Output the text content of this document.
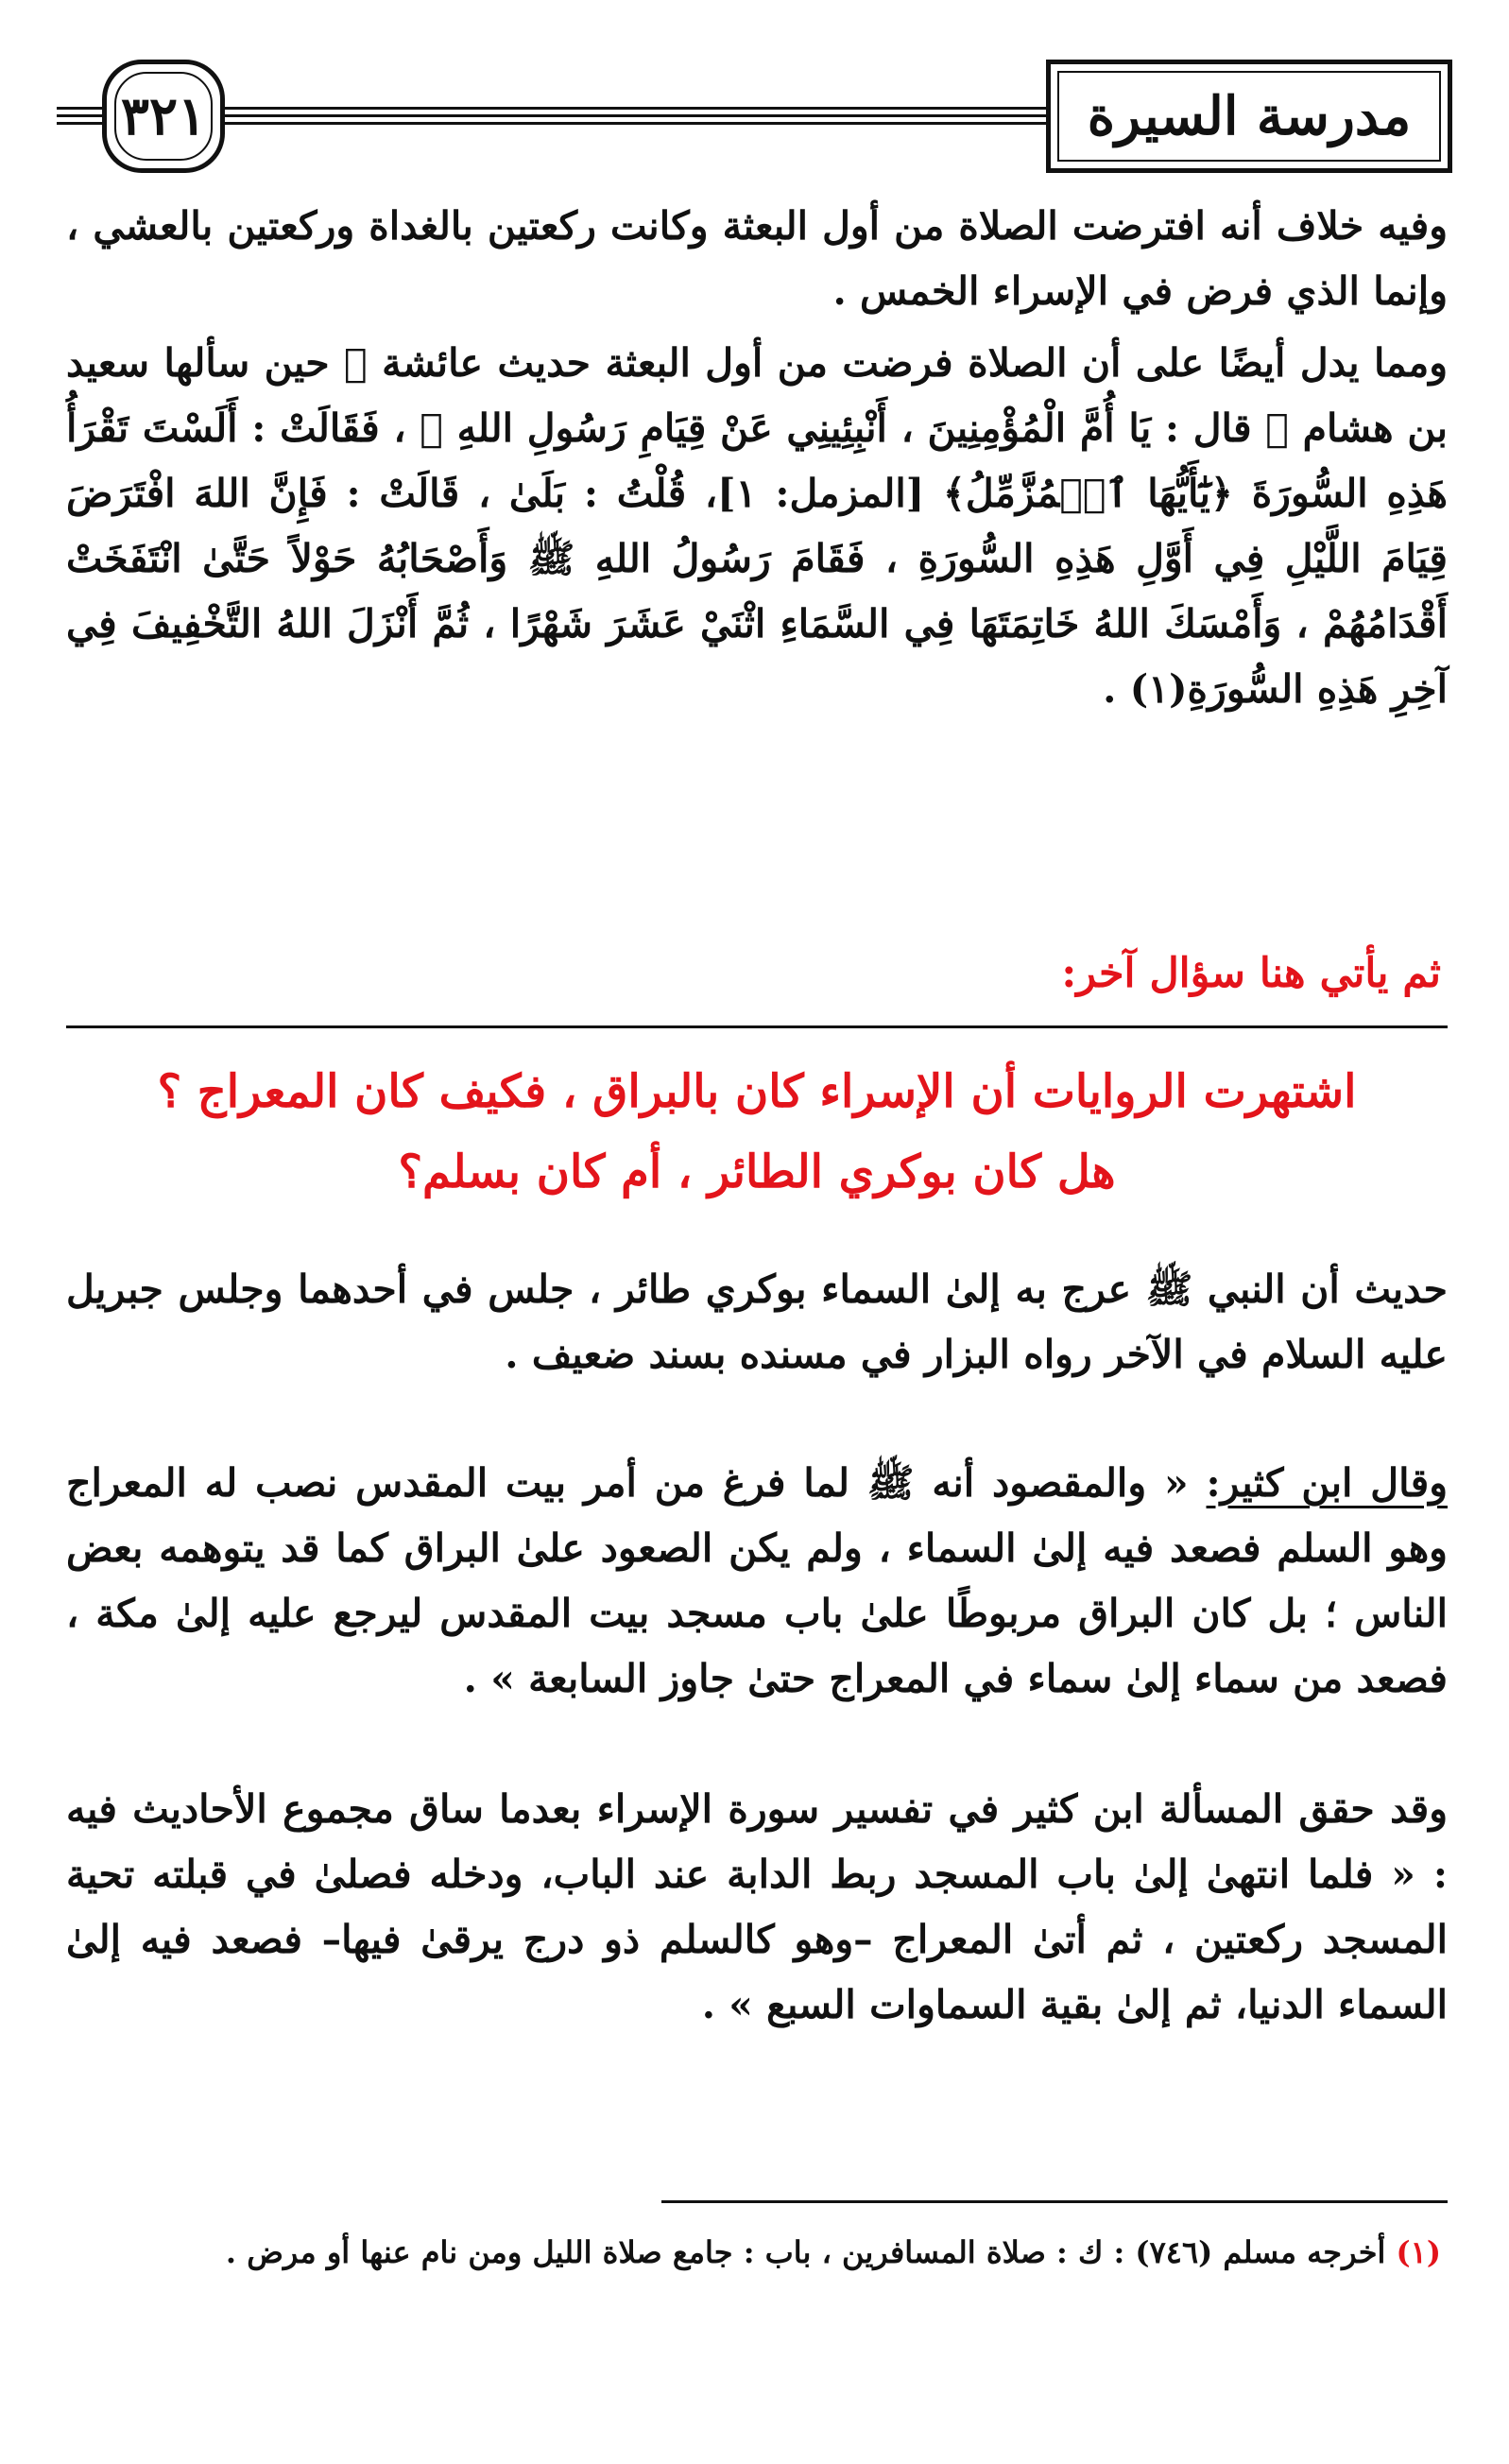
٣٢١	مدرسة السيرة
وفيه خلاف أنه افترضت الصلاة من أول البعثة وكانت ركعتين بالغداة وركعتين بالعشي ، وإنما الذي فرض في الإسراء الخمس .
ومما يدل أيضًا على أن الصلاة فرضت من أول البعثة حديث عائشة ﵂ حين سألها سعيد بن هشام ﵁ قال : يَا أُمَّ الْمُؤْمِنِينَ ، أَنْبِئِينِي عَنْ قِيَامِ رَسُولِ اللهِ ﷺ ، فَقَالَتْ : أَلَسْتَ تَقْرَأُ هَذِهِ السُّورَةَ ﴿يَٰٓأَيُّهَا ٱلۡمُزَّمِّلُ﴾ [المزمل: ١]، قُلْتُ : بَلَىٰ ، قَالَتْ : فَإِنَّ اللهَ افْتَرَضَ قِيَامَ اللَّيْلِ فِي أَوَّلِ هَذِهِ السُّورَةِ ، فَقَامَ رَسُولُ اللهِ ﷺ وَأَصْحَابُهُ حَوْلاً حَتَّىٰ انْتَفَخَتْ أَقْدَامُهُمْ ، وَأَمْسَكَ اللهُ خَاتِمَتَهَا فِي السَّمَاءِ اثْنَيْ عَشَرَ شَهْرًا ، ثُمَّ أَنْزَلَ اللهُ التَّخْفِيفَ فِي آخِرِ هَذِهِ السُّورَةِ(١) .
ثم يأتي هنا سؤال آخر:
اشتهرت الروايات أن الإسراء كان بالبراق ، فكيف كان المعراج ؟
هل كان بوكري الطائر ، أم كان بسلم؟
حديث أن النبي ﷺ عرج به إلىٰ السماء بوكري طائر ، جلس في أحدهما وجلس جبريل عليه السلام في الآخر رواه البزار في مسنده بسند ضعيف .
وقال ابن كثير: « والمقصود أنه ﷺ لما فرغ من أمر بيت المقدس نصب له المعراج وهو السلم فصعد فيه إلىٰ السماء ، ولم يكن الصعود علىٰ البراق كما قد يتوهمه بعض الناس ؛ بل كان البراق مربوطًا علىٰ باب مسجد بيت المقدس ليرجع عليه إلىٰ مكة ، فصعد من سماء إلىٰ سماء في المعراج حتىٰ جاوز السابعة » .
وقد حقق المسألة ابن كثير في تفسير سورة الإسراء بعدما ساق مجموع الأحاديث فيه : « فلما انتهىٰ إلىٰ باب المسجد ربط الدابة عند الباب، ودخله فصلىٰ في قبلته تحية المسجد ركعتين ، ثم أتىٰ المعراج –وهو كالسلم ذو درج يرقىٰ فيها– فصعد فيه إلىٰ السماء الدنيا، ثم إلىٰ بقية السماوات السبع » .
(١) أخرجه مسلم (٧٤٦) : ك : صلاة المسافرين ، باب : جامع صلاة الليل ومن نام عنها أو مرض .
